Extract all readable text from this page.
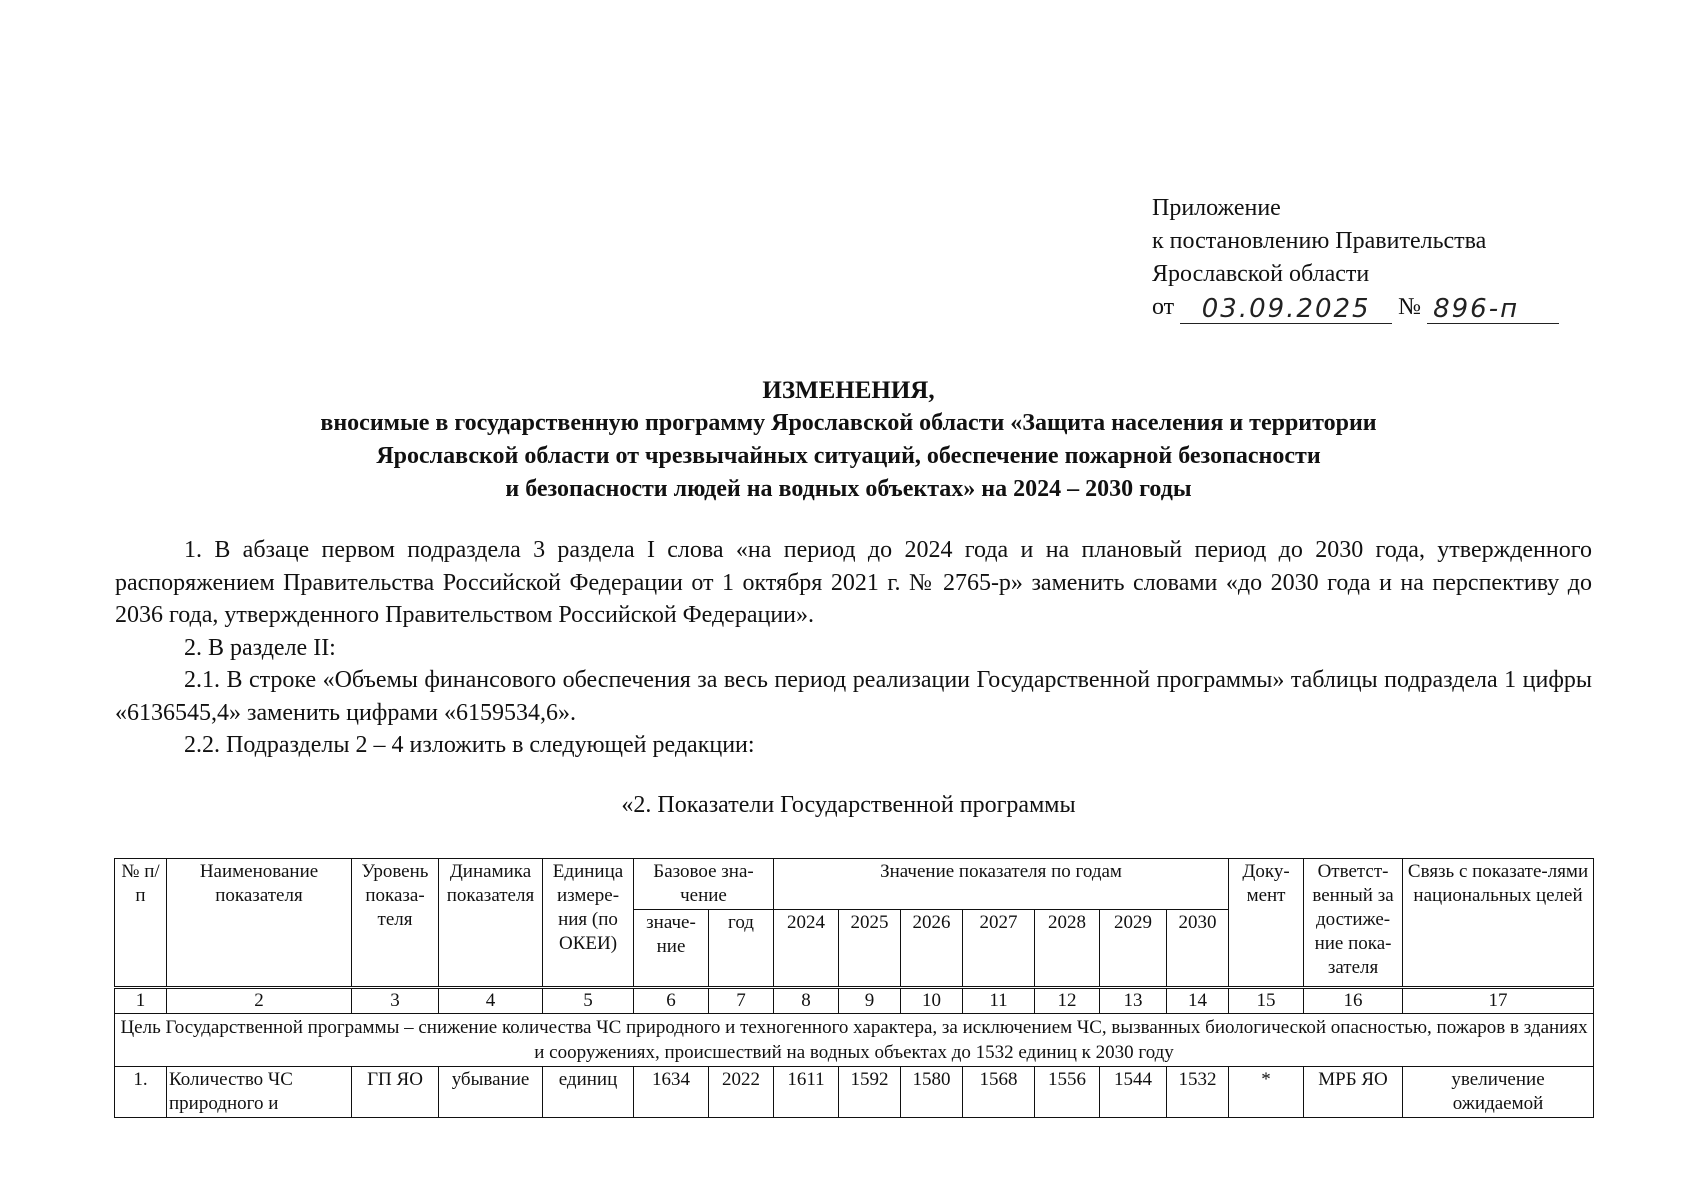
Приложение
к постановлению Правительства
Ярославской области
от	03.09.2025	№ 896-п
ИЗМЕНЕНИЯ,
вносимые в государственную программу Ярославской области «Защита населения и территории
Ярославской области от чрезвычайных ситуаций, обеспечение пожарной безопасности
и безопасности людей на водных объектах» на 2024 – 2030 годы

1. В абзаце первом подраздела 3 раздела I слова «на период до 2024 года и на плановый период до 2030 года, утвержденного распоряжением Правительства Российской Федерации от 1 октября 2021 г. № 2765-р» заменить словами «до 2030 года и на перспективу до 2036 года, утвержденного Правительством Российской Федерации».

2. В разделе II:

2.1. В строке «Объемы финансового обеспечения за весь период реализации Государственной программы» таблицы подраздела 1 цифры «6136545,4» заменить цифрами «6159534,6».

2.2. Подразделы 2 – 4 изложить в следующей редакции:

«2. Показатели Государственной программы
№ п/п	Наименование показателя	Уровень показа-теля	Динамика показателя	Единица измере-ния (по ОКЕИ)	Базовое зна-чение		Значение показателя по годам							Доку-мент	Ответст-венный за достиже-ние пока-зателя	Связь с показате-лями национальных целей
					значе-ние	год	2024	2025	2026	2027	2028	2029	2030			
1	2	3	4	5	6	7	8	9	10	11	12	13	14	15	16	17
Цель Государственной программы – снижение количества ЧС природного и техногенного характера, за исключением ЧС, вызванных биологической опасностью, пожаров в зданиях и сооружениях, происшествий на водных объектах до 1532 единиц к 2030 году																
1.	Количество ЧС природного и	ГП ЯО	убывание	единиц	1634	2022	1611	1592	1580	1568	1556	1544	1532	*	МРБ ЯО	увеличение ожидаемой
